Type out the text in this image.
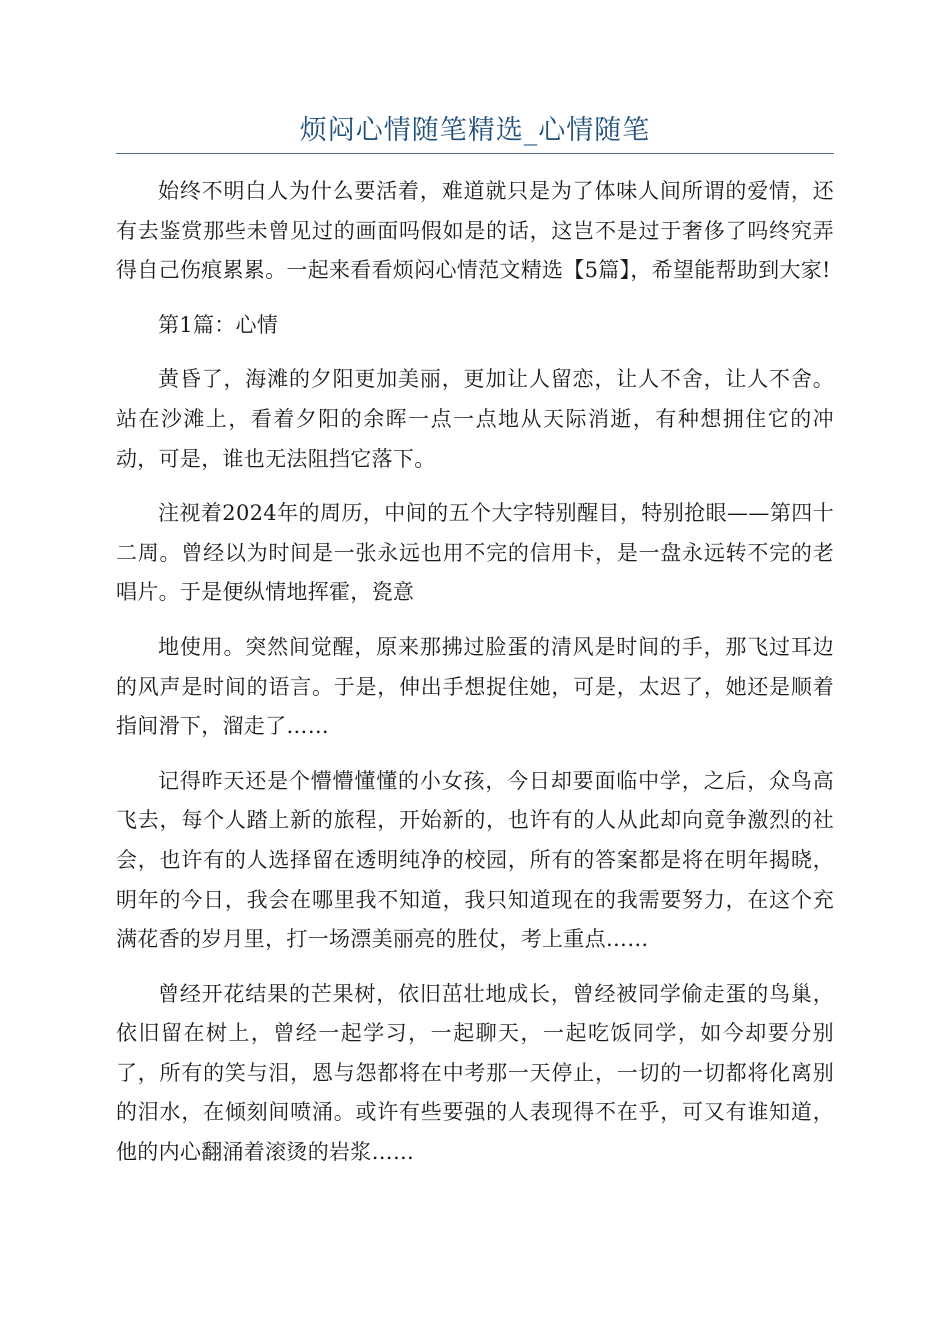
烦闷心情随笔精选_心情随笔

始终不明白人为什么要活着，难道就只是为了体味人间所谓的爱情，还有去鉴赏那些未曾见过的画面吗假如是的话，这岂不是过于奢侈了吗终究弄得自己伤痕累累。一起来看看烦闷心情范文精选【5篇】，希望能帮助到大家!

第1篇：心情

黄昏了，海滩的夕阳更加美丽，更加让人留恋，让人不舍，让人不舍。站在沙滩上，看着夕阳的余晖一点一点地从天际消逝，有种想拥住它的冲动，可是，谁也无法阻挡它落下。

注视着2024年的周历，中间的五个大字特别醒目，特别抢眼——第四十二周。曾经以为时间是一张永远也用不完的信用卡，是一盘永远转不完的老唱片。于是便纵情地挥霍，瓷意

地使用。突然间觉醒，原来那拂过脸蛋的清风是时间的手，那飞过耳边的风声是时间的语言。于是，伸出手想捉住她，可是，太迟了，她还是顺着指间滑下，溜走了……

记得昨天还是个懵懵懂懂的小女孩，今日却要面临中学，之后，众鸟高飞去，每个人踏上新的旅程，开始新的，也许有的人从此却向竟争激烈的社会，也许有的人选择留在透明纯净的校园，所有的答案都是将在明年揭晓，明年的今日，我会在哪里我不知道，我只知道现在的我需要努力，在这个充满花香的岁月里，打一场漂美丽亮的胜仗，考上重点……

曾经开花结果的芒果树，依旧茁壮地成长，曾经被同学偷走蛋的鸟巢，依旧留在树上，曾经一起学习，一起聊天，一起吃饭同学，如今却要分别了，所有的笑与泪，恩与怨都将在中考那一天停止，一切的一切都将化离别的泪水，在倾刻间喷涌。或许有些要强的人表现得不在乎，可又有谁知道，他的内心翻涌着滚烫的岩浆……
